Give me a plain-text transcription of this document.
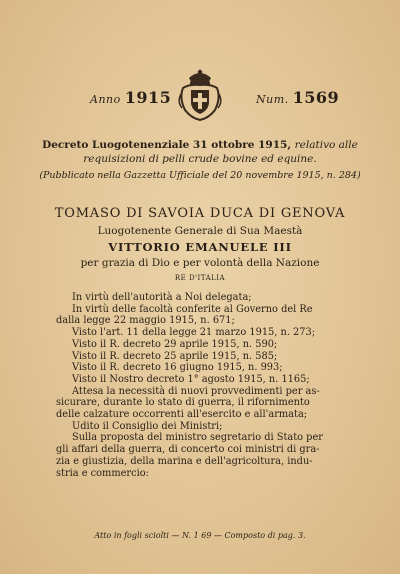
Anno 1915	Num. 1569
Decreto Luogotenenziale 31 ottobre 1915, relativo alle requisizioni di pelli crude bovine ed equine.
(Pubblicato nella Gazzetta Ufficiale del 20 novembre 1915, n. 284)
TOMASO DI SAVOIA DUCA DI GENOVA
Luogotenente Generale di Sua Maestà
VITTORIO EMANUELE III
per grazia di Dio e per volontà della Nazione
RE D'ITALIA
In virtù dell'autorità a Noi delegata;
In virtù delle facoltà conferite al Governo del Re
dalla legge 22 maggio 1915, n. 671;
Visto l'art. 11 della legge 21 marzo 1915, n. 273;
Visto il R. decreto 29 aprile 1915, n. 590;
Visto il R. decreto 25 aprile 1915, n. 585;
Visto il R. decreto 16 giugno 1915, n. 993;
Visto il Nostro decreto 1° agosto 1915, n. 1165;
Attesa la necessità di nuovi provvedimenti per as-
sicurare, durante lo stato di guerra, il rifornimento
delle calzature occorrenti all'esercito e all'armata;
Udito il Consiglio dei Ministri;
Sulla proposta del ministro segretario di Stato per
gli affari della guerra, di concerto coi ministri di gra-
zia e giustizia, della marina e dell'agricoltura, indu-
stria e commercio:
Atto in fogli sciolti — N. 1 69 — Composto di pag. 3.
